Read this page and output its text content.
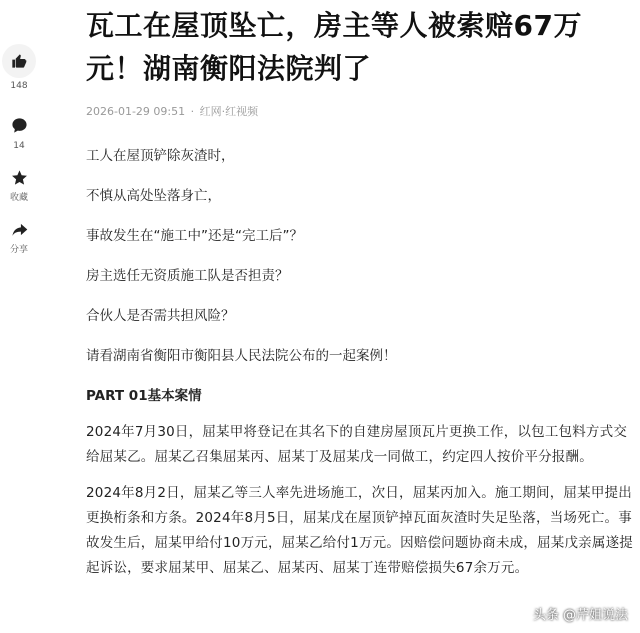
148
14
收藏
分享
瓦工在屋顶坠亡，房主等人被索赔67万
元！湖南衡阳法院判了
2026-01-29 09:51 · 红网·红视频

工人在屋顶铲除灰渣时，

不慎从高处坠落身亡，

事故发生在“施工中”还是“完工后”？

房主选任无资质施工队是否担责？

合伙人是否需共担风险？

请看湖南省衡阳市衡阳县人民法院公布的一起案例！

PART 01基本案情

2024年7月30日，屈某甲将登记在其名下的自建房屋顶瓦片更换工作，以包工包料方式交给屈某乙。屈某乙召集屈某丙、屈某丁及屈某戊一同做工，约定四人按价平分报酬。

2024年8月2日，屈某乙等三人率先进场施工，次日，屈某丙加入。施工期间，屈某甲提出更换桁条和方条。2024年8月5日，屈某戊在屋顶铲掉瓦面灰渣时失足坠落，当场死亡。事故发生后，屈某甲给付10万元，屈某乙给付1万元。因赔偿问题协商未成，屈某戊亲属遂提起诉讼，要求屈某甲、屈某乙、屈某丙、屈某丁连带赔偿损失67余万元。

头条 @芹姐说法
